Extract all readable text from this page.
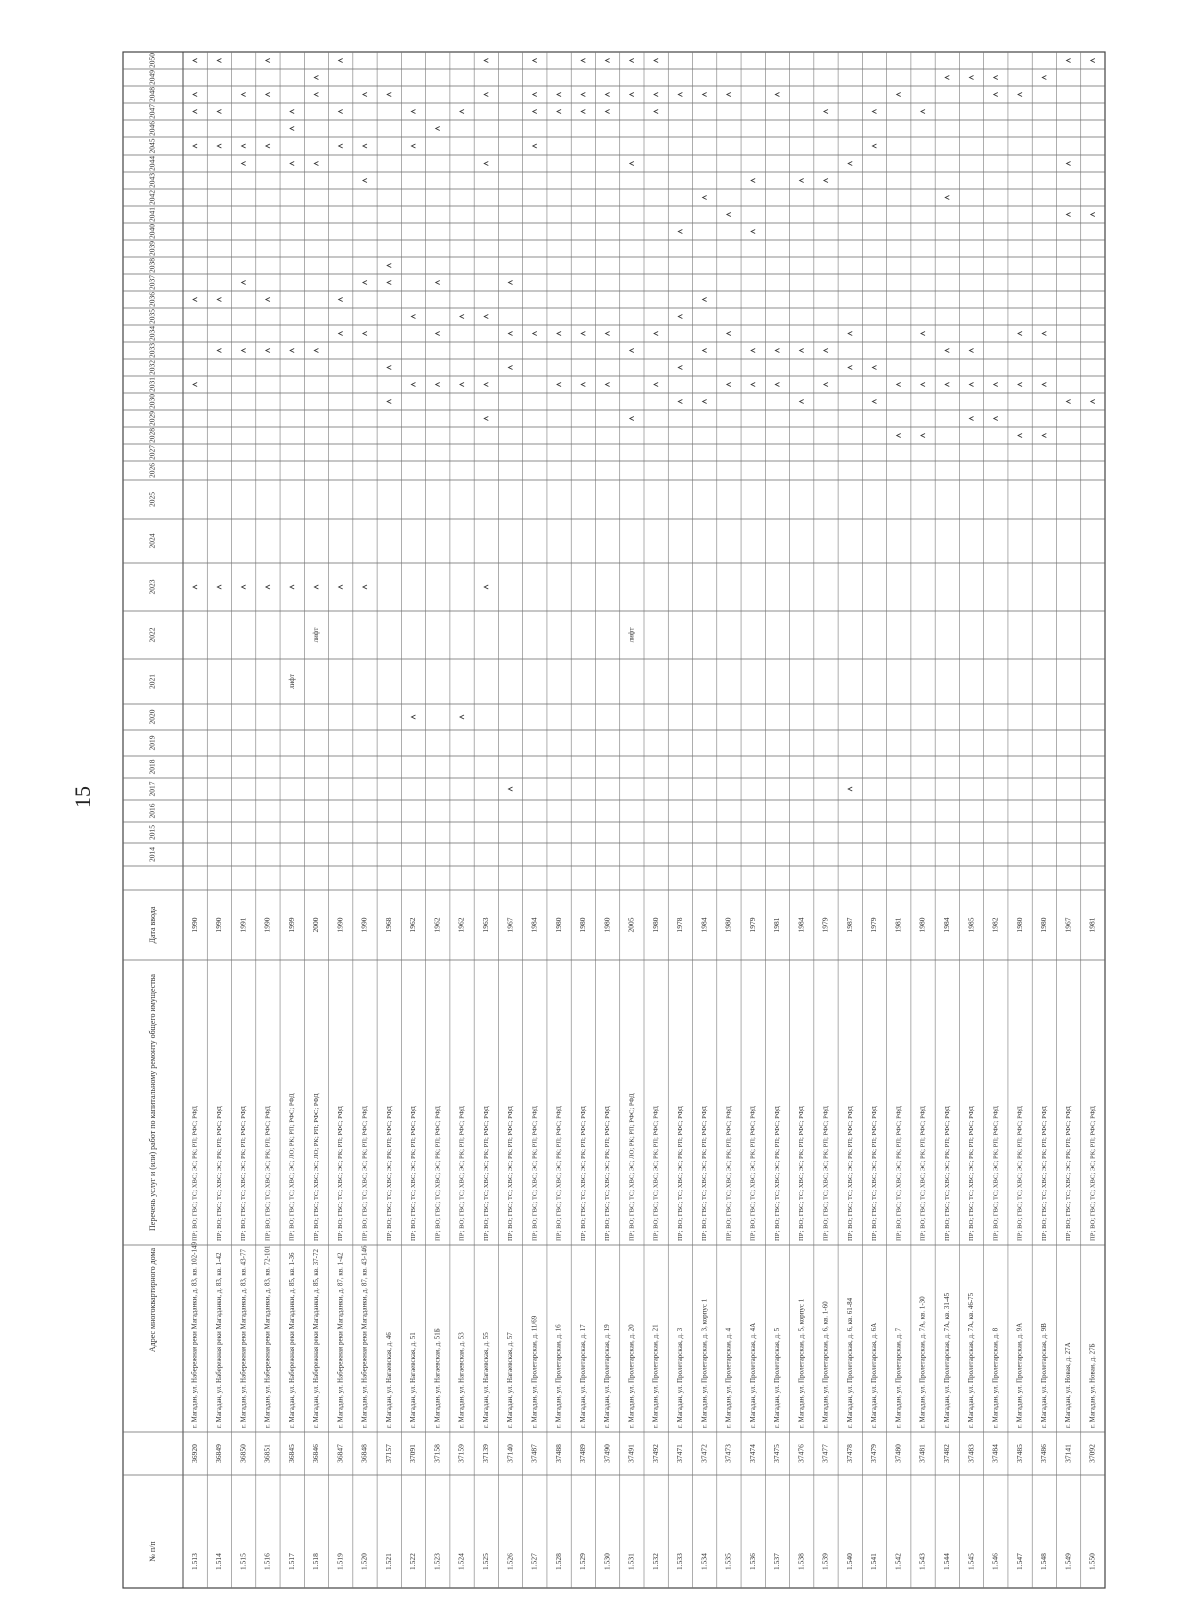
15
2014
2015
2016
2017
2018
2019
2020
2021
2022
2023
2024
2025
2026
2027
2028
2029
2030
2031
2032
2033
2034
2035
2036
2037
2038
2039
2040
2041
2042
2043
2044
2045
2046
2047
2048
2049
2050
Дата ввода
Перечень услуг и (или) работ по капитальному ремонту общего имущества
Адрес многоквартирного дома
№ п/п	1.513
36920
г. Магадан, ул. Набережная реки Магаданки, д. 83, кв. 102-149
ПР; ВО; ГВС; ТС; ХВС; ЭС; РК; РП; РФС; РФД
1990
1.514
36849
г. Магадан, ул. Набережная реки Магаданки, д. 83, кв. 1-42
ПР; ВО; ГВС; ТС; ХВС; ЭС; РК; РП; РФС; РФД
1990
1.515
36850
г. Магадан, ул. Набережная реки Магаданки, д. 83, кв. 43-77
ПР; ВО; ГВС; ТС; ХВС; ЭС; РК; РП; РФС; РФД
1991
1.516
36851
г. Магадан, ул. Набережная реки Магаданки, д. 83, кв. 72-101
ПР; ВО; ГВС; ТС; ХВС; ЭС; РК; РП; РФС; РФД
1990
1.517
36845
г. Магадан, ул. Набережная реки Магаданки, д. 85, кв. 1-36
ПР; ВО; ГВС; ТС; ХВС; ЭС; ЛО; РК; РП; РФС; РФД
1999
лифт
1.518
36846
г. Магадан, ул. Набережная реки Магаданки, д. 85, кв. 37-72
ПР; ВО; ГВС; ТС; ХВС; ЭС; ЛО; РК; РП; РФС; РФД
2000
лифт
1.519
36847
г. Магадан, ул. Набережная реки Магаданки, д. 87, кв. 1-42
ПР; ВО; ГВС; ТС; ХВС; ЭС; РК; РП; РФС; РФД
1990
1.520
36848
г. Магадан, ул. Набережная реки Магаданки, д. 87, кв. 43-146
ПР; ВО; ГВС; ТС; ХВС; ЭС; РК; РП; РФС; РФД
1990
1.521
37157
г. Магадан, ул. Нагаевская, д. 46
ПР; ВО; ГВС; ТС; ХВС; ЭС; РК; РП; РФС; РФД
1968
1.522
37091
г. Магадан, ул. Нагаевская, д. 51
ПР; ВО; ГВС; ТС; ХВС; ЭС; РК; РП; РФС; РФД
1962
1.523
37158
г. Магадан, ул. Нагаевская, д. 51Б
ПР; ВО; ГВС; ТС; ХВС; ЭС; РК; РП; РФС; РФД
1962
1.524
37159
г. Магадан, ул. Нагаевская, д. 53
ПР; ВО; ГВС; ТС; ХВС; ЭС; РК; РП; РФС; РФД
1962
1.525
37139
г. Магадан, ул. Нагаевская, д. 55
ПР; ВО; ГВС; ТС; ХВС; ЭС; РК; РП; РФС; РФД
1963
1.526
37140
г. Магадан, ул. Нагаевская, д. 57
ПР; ВО; ГВС; ТС; ХВС; ЭС; РК; РП; РФС; РФД
1967
1.527
37487
г. Магадан, ул. Пролетарская, д. 11/69
ПР; ВО; ГВС; ТС; ХВС; ЭС; РК; РП; РФС; РФД
1984
1.528
37488
г. Магадан, ул. Пролетарская, д. 16
ПР; ВО; ГВС; ТС; ХВС; ЭС; РК; РП; РФС; РФД
1980
1.529
37489
г. Магадан, ул. Пролетарская, д. 17
ПР; ВО; ГВС; ТС; ХВС; ЭС; РК; РП; РФС; РФД
1980
1.530
37490
г. Магадан, ул. Пролетарская, д. 19
ПР; ВО; ГВС; ТС; ХВС; ЭС; РК; РП; РФС; РФД
1980
1.531
37491
г. Магадан, ул. Пролетарская, д. 20
ПР; ВО; ГВС; ТС; ХВС; ЭС; ЛО; РК; РП; РФС; РФД
2005
лифт
1.532
37492
г. Магадан, ул. Пролетарская, д. 21
ПР; ВО; ГВС; ТС; ХВС; ЭС; РК; РП; РФС; РФД
1980
1.533
37471
г. Магадан, ул. Пролетарская, д. 3
ПР; ВО; ГВС; ТС; ХВС; ЭС; РК; РП; РФС; РФД
1978
1.534
37472
г. Магадан, ул. Пролетарская, д. 3, корпус 1
ПР; ВО; ГВС; ТС; ХВС; ЭС; РК; РП; РФС; РФД
1984
1.535
37473
г. Магадан, ул. Пролетарская, д. 4
ПР; ВО; ГВС; ТС; ХВС; ЭС; РК; РП; РФС; РФД
1980
1.536
37474
г. Магадан, ул. Пролетарская, д. 4А
ПР; ВО; ГВС; ТС; ХВС; ЭС; РК; РП; РФС; РФД
1979
1.537
37475
г. Магадан, ул. Пролетарская, д. 5
ПР; ВО; ГВС; ТС; ХВС; ЭС; РК; РП; РФС; РФД
1981
1.538
37476
г. Магадан, ул. Пролетарская, д. 5, корпус 1
ПР; ВО; ГВС; ТС; ХВС; ЭС; РК; РП; РФС; РФД
1984
1.539
37477
г. Магадан, ул. Пролетарская, д. 6, кв. 1-60
ПР; ВО; ГВС; ТС; ХВС; ЭС; РК; РП; РФС; РФД
1979
1.540
37478
г. Магадан, ул. Пролетарская, д. 6, кв. 61-84
ПР; ВО; ГВС; ТС; ХВС; ЭС; РК; РП; РФС; РФД
1987
1.541
37479
г. Магадан, ул. Пролетарская, д. 6А
ПР; ВО; ГВС; ТС; ХВС; ЭС; РК; РП; РФС; РФД
1979
1.542
37480
г. Магадан, ул. Пролетарская, д. 7
ПР; ВО; ГВС; ТС; ХВС; ЭС; РК; РП; РФС; РФД
1981
1.543
37481
г. Магадан, ул. Пролетарская, д. 7А, кв. 1-30
ПР; ВО; ГВС; ТС; ХВС; ЭС; РК; РП; РФС; РФД
1980
1.544
37482
г. Магадан, ул. Пролетарская, д. 7А, кв. 31-45
ПР; ВО; ГВС; ТС; ХВС; ЭС; РК; РП; РФС; РФД
1984
1.545
37483
г. Магадан, ул. Пролетарская, д. 7А, кв. 46-75
ПР; ВО; ГВС; ТС; ХВС; ЭС; РК; РП; РФС; РФД
1985
1.546
37484
г. Магадан, ул. Пролетарская, д. 8
ПР; ВО; ГВС; ТС; ХВС; ЭС; РК; РП; РФС; РФД
1982
1.547
37485
г. Магадан, ул. Пролетарская, д. 9А
ПР; ВО; ГВС; ТС; ХВС; ЭС; РК; РП; РФС; РФД
1980
1.548
37486
г. Магадан, ул. Пролетарская, д. 9В
ПР; ВО; ГВС; ТС; ХВС; ЭС; РК; РП; РФС; РФД
1980
1.549
37141
г. Магадан, ул. Новая, д. 27А
ПР; ВО; ГВС; ТС; ХВС; ЭС; РК; РП; РФС; РФД
1967
1.550
37092
г. Магадан, ул. Новая, д. 27Б
ПР; ВО; ГВС; ТС; ХВС; ЭС; РК; РП; РФС; РФД
1981
